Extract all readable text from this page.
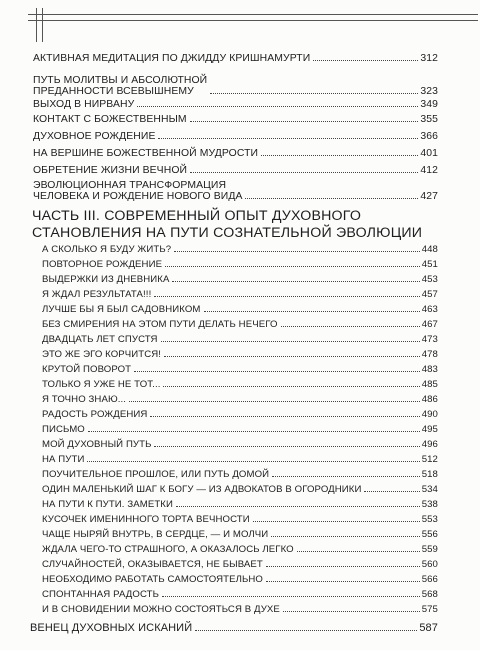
АКТИВНАЯ МЕДИТАЦИЯ ПО ДЖИДДУ КРИШНАМУРТИ	312
ПУТЬ МОЛИТВЫ И АБСОЛЮТНОЙ
ПРЕДАННОСТИ ВСЕВЫШНЕМУ	323
ВЫХОД В НИРВАНУ	349
КОНТАКТ С БОЖЕСТВЕННЫМ	355
ДУХОВНОЕ РОЖДЕНИЕ	366
НА ВЕРШИНЕ БОЖЕСТВЕННОЙ МУДРОСТИ	401
ОБРЕТЕНИЕ ЖИЗНИ ВЕЧНОЙ	412
ЭВОЛЮЦИОННАЯ ТРАНСФОРМАЦИЯ
ЧЕЛОВЕКА И РОЖДЕНИЕ НОВОГО ВИДА	427
ЧАСТЬ III. СОВРЕМЕННЫЙ ОПЫТ ДУХОВНОГО
СТАНОВЛЕНИЯ НА ПУТИ СОЗНАТЕЛЬНОЙ ЭВОЛЮЦИИ
А СКОЛЬКО Я БУДУ ЖИТЬ?	448
ПОВТОРНОЕ РОЖДЕНИЕ	451
ВЫДЕРЖКИ ИЗ ДНЕВНИКА	453
Я ЖДАЛ РЕЗУЛЬТАТА!!!	457
ЛУЧШЕ БЫ Я БЫЛ САДОВНИКОМ	463
БЕЗ СМИРЕНИЯ НА ЭТОМ ПУТИ ДЕЛАТЬ НЕЧЕГО	467
ДВАДЦАТЬ ЛЕТ СПУСТЯ	473
ЭТО ЖЕ ЭГО КОРЧИТСЯ!	478
КРУТОЙ ПОВОРОТ	483
ТОЛЬКО Я УЖЕ НЕ ТОТ...	485
Я ТОЧНО ЗНАЮ...	486
РАДОСТЬ РОЖДЕНИЯ	490
ПИСЬМО	495
МОЙ ДУХОВНЫЙ ПУТЬ	496
НА ПУТИ	512
ПОУЧИТЕЛЬНОЕ ПРОШЛОЕ, ИЛИ ПУТЬ ДОМОЙ	518
ОДИН МАЛЕНЬКИЙ ШАГ К БОГУ — ИЗ АДВОКАТОВ В ОГОРОДНИКИ	534
НА ПУТИ К ПУТИ. ЗАМЕТКИ	538
КУСОЧЕК ИМЕНИННОГО ТОРТА ВЕЧНОСТИ	553
ЧАЩЕ НЫРЯЙ ВНУТРЬ, В СЕРДЦЕ, — И МОЛЧИ	556
ЖДАЛА ЧЕГО-ТО СТРАШНОГО, А ОКАЗАЛОСЬ ЛЕГКО	559
СЛУЧАЙНОСТЕЙ, ОКАЗЫВАЕТСЯ, НЕ БЫВАЕТ	560
НЕОБХОДИМО РАБОТАТЬ САМОСТОЯТЕЛЬНО	566
СПОНТАННАЯ РАДОСТЬ	568
И В СНОВИДЕНИИ МОЖНО СОСТОЯТЬСЯ В ДУХЕ	575
ВЕНЕЦ ДУХОВНЫХ ИСКАНИЙ	587
